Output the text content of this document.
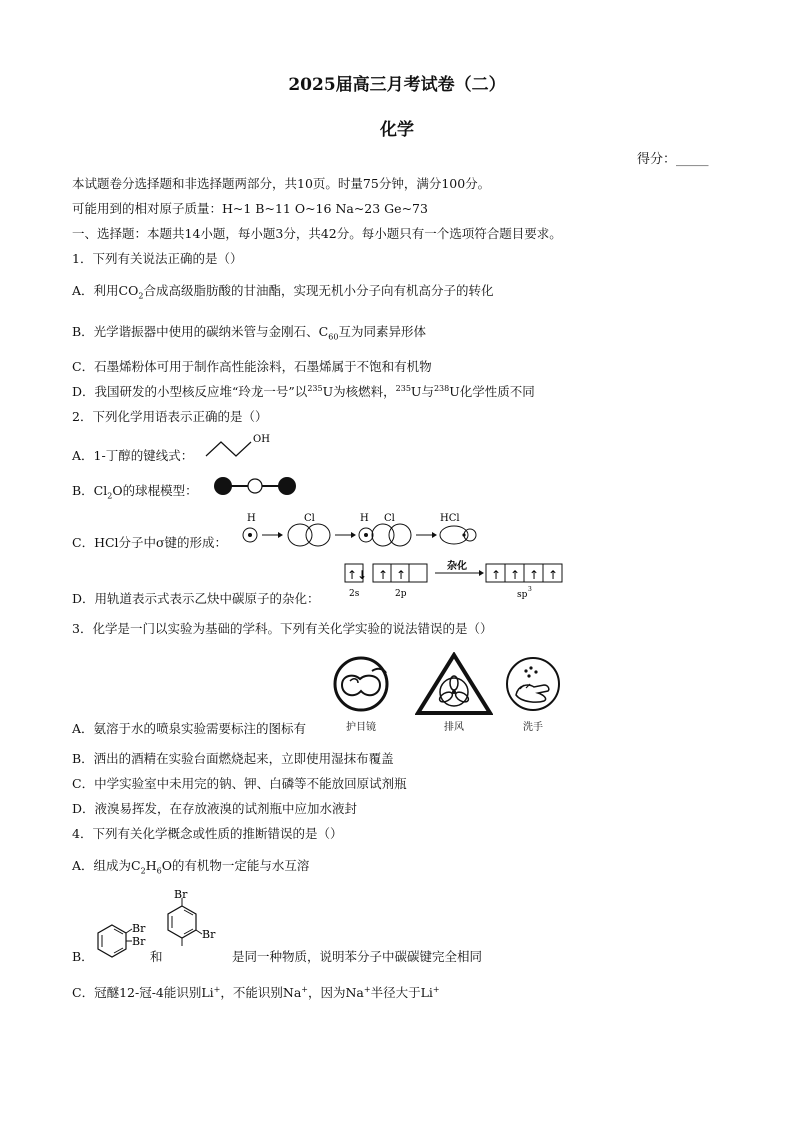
2025届高三月考试卷（二）
化学
得分：_____
本试题卷分选择题和非选择题两部分，共10页。时量75分钟，满分100分。
可能用到的相对原子质量：H~1 B~11 O~16 Na~23 Ge~73
一、选择题：本题共14小题，每小题3分，共42分。每小题只有一个选项符合题目要求。
1．下列有关说法正确的是（）
A．利用$CO_2$合成高级脂肪酸的甘油酯，实现无机小分子向有机高分子的转化
B．光学谐振器中使用的碳纳米管与金刚石、$C_{60}$互为同素异形体
C．石墨烯粉体可用于制作高性能涂料，石墨烯属于不饱和有机物
D．我国研发的小型核反应堆“玲龙一号”以$^{235}$U为核燃料，$^{235}$U与$^{238}$U化学性质不同
2．下列化学用语表示正确的是（）
A．1-丁醇的键线式：
OH
B．$Cl_2O$的球棍模型：
C．HCl分子中σ键的形成：
H	Cl	H Cl	HCl
D．用轨道表示式表示乙炔中碳原子的杂化：
↑↓
2s
↑ ↑
2p
杂化
↑ ↑ ↑ ↑
sp
3
3．化学是一门以实验为基础的学科。下列有关化学实验的说法错误的是（）
A．氨溶于水的喷泉实验需要标注的图标有	护目镜	排风	洗手
B．洒出的酒精在实验台面燃烧起来，立即使用湿抹布覆盖
C．中学实验室中未用完的钠、钾、白磷等不能放回原试剂瓶
D．液溴易挥发，在存放液溴的试剂瓶中应加水液封
4．下列有关化学概念或性质的推断错误的是（）
A．组成为$C_2H_6O$的有机物一定能与水互溶
B．
Br
Br
和
Br
Br
是同一种物质，说明苯分子中碳碳键完全相同
C．冠醚12-冠-4能识别Li+，不能识别Na+，因为Na+半径大于Li+
